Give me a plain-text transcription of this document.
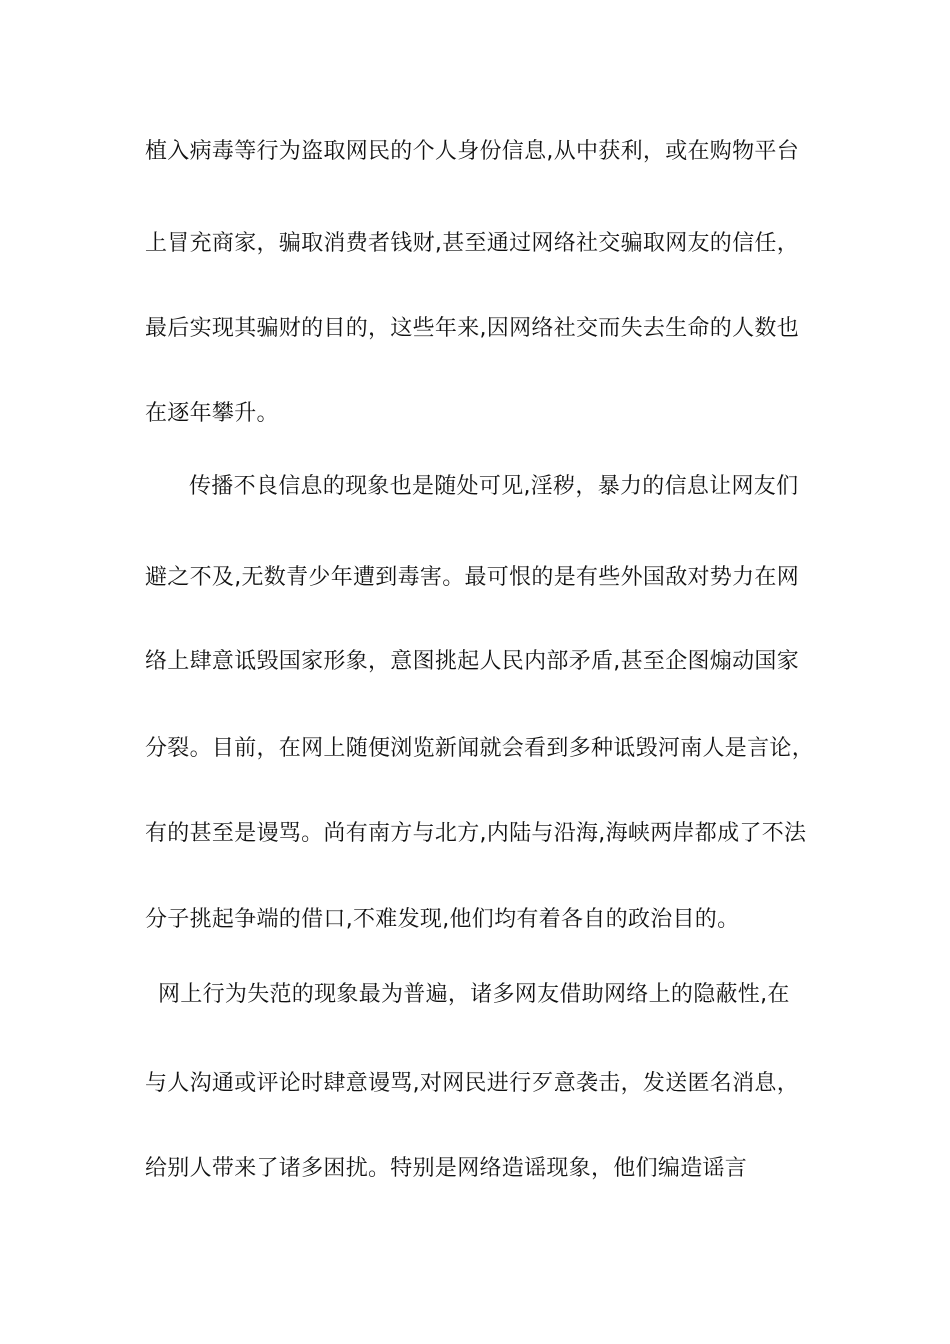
植入病毒等行为盗取网民的个人身份信息,从中获利，或在购物平台
上冒充商家，骗取消费者钱财,甚至通过网络社交骗取网友的信任，
最后实现其骗财的目的，这些年来,因网络社交而失去生命的人数也
在逐年攀升。
传播不良信息的现象也是随处可见,淫秽，暴力的信息让网友们
避之不及,无数青少年遭到毒害。最可恨的是有些外国敌对势力在网
络上肆意诋毁国家形象，意图挑起人民内部矛盾,甚至企图煽动国家
分裂。目前，在网上随便浏览新闻就会看到多种诋毁河南人是言论，
有的甚至是谩骂。尚有南方与北方,内陆与沿海,海峡两岸都成了不法
分子挑起争端的借口,不难发现,他们均有着各自的政治目的。
网上行为失范的现象最为普遍，诸多网友借助网络上的隐蔽性,在
与人沟通或评论时肆意谩骂,对网民进行歹意袭击，发送匿名消息，
给别人带来了诸多困扰。特别是网络造谣现象，他们编造谣言
